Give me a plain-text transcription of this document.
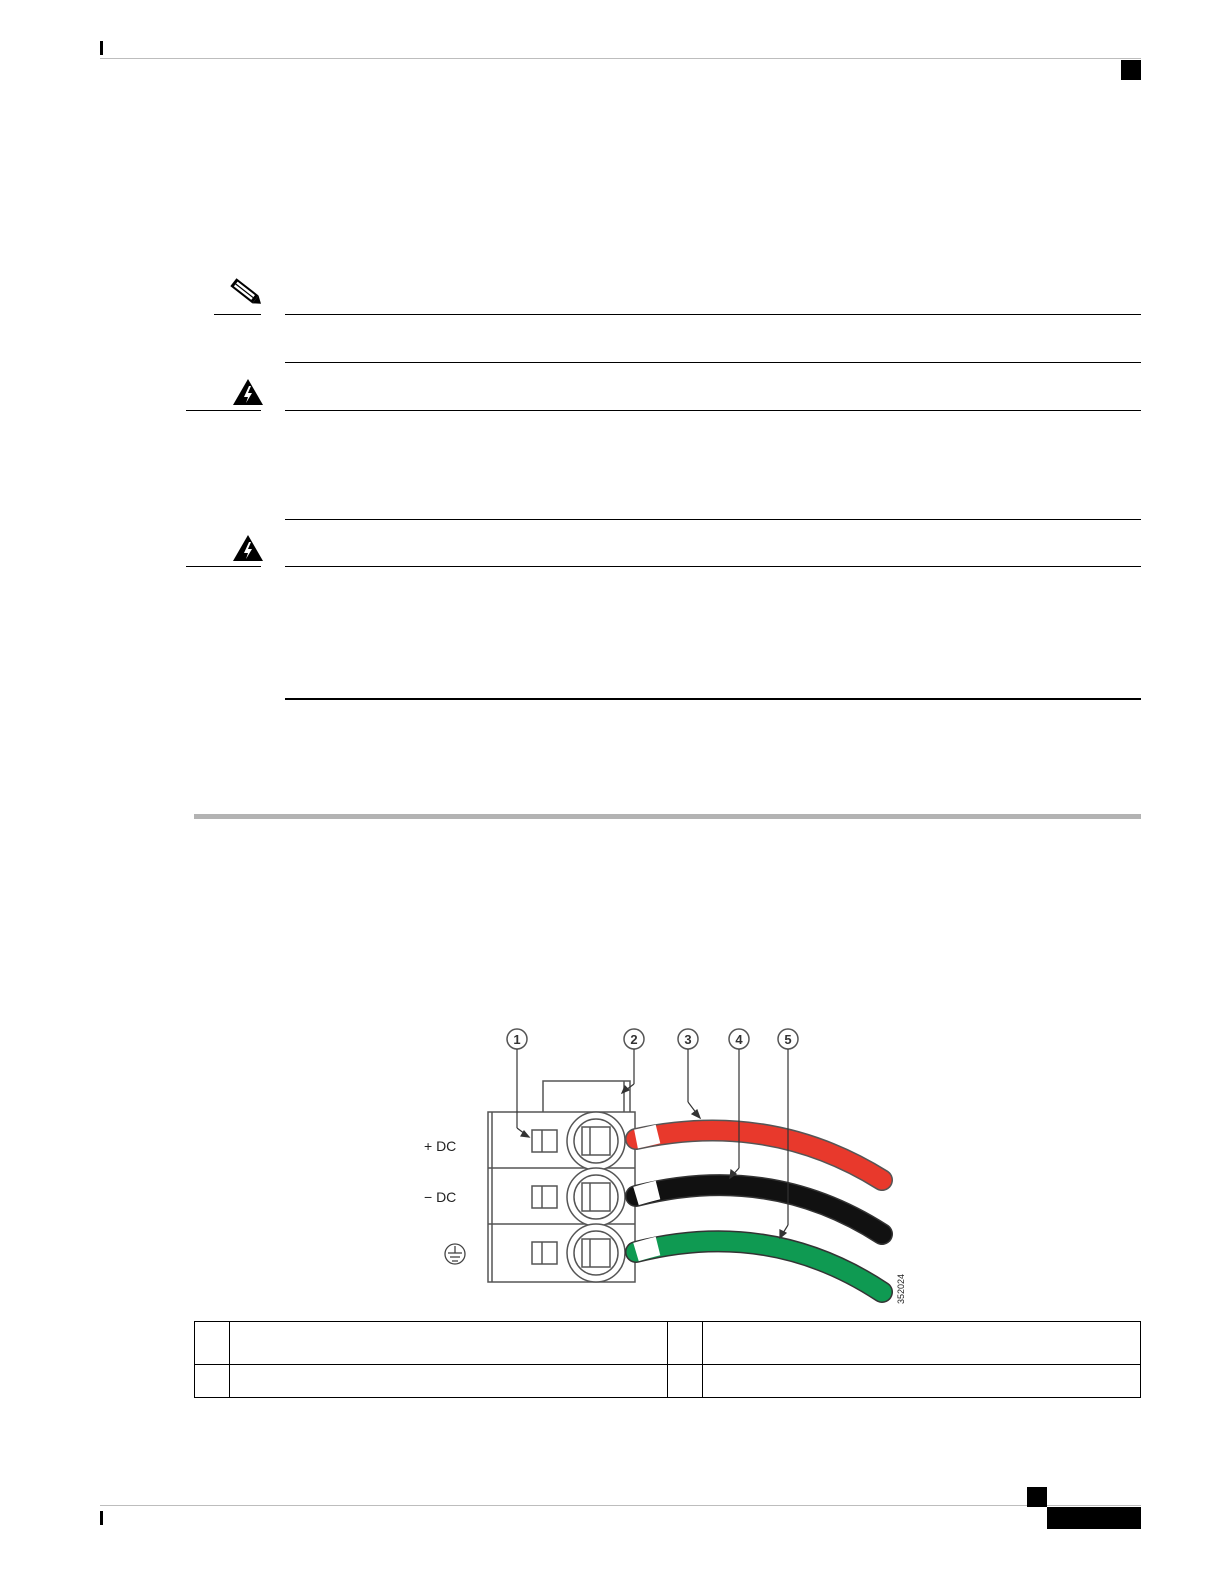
1	2	3	4	5
+ DC
− DC
352024
